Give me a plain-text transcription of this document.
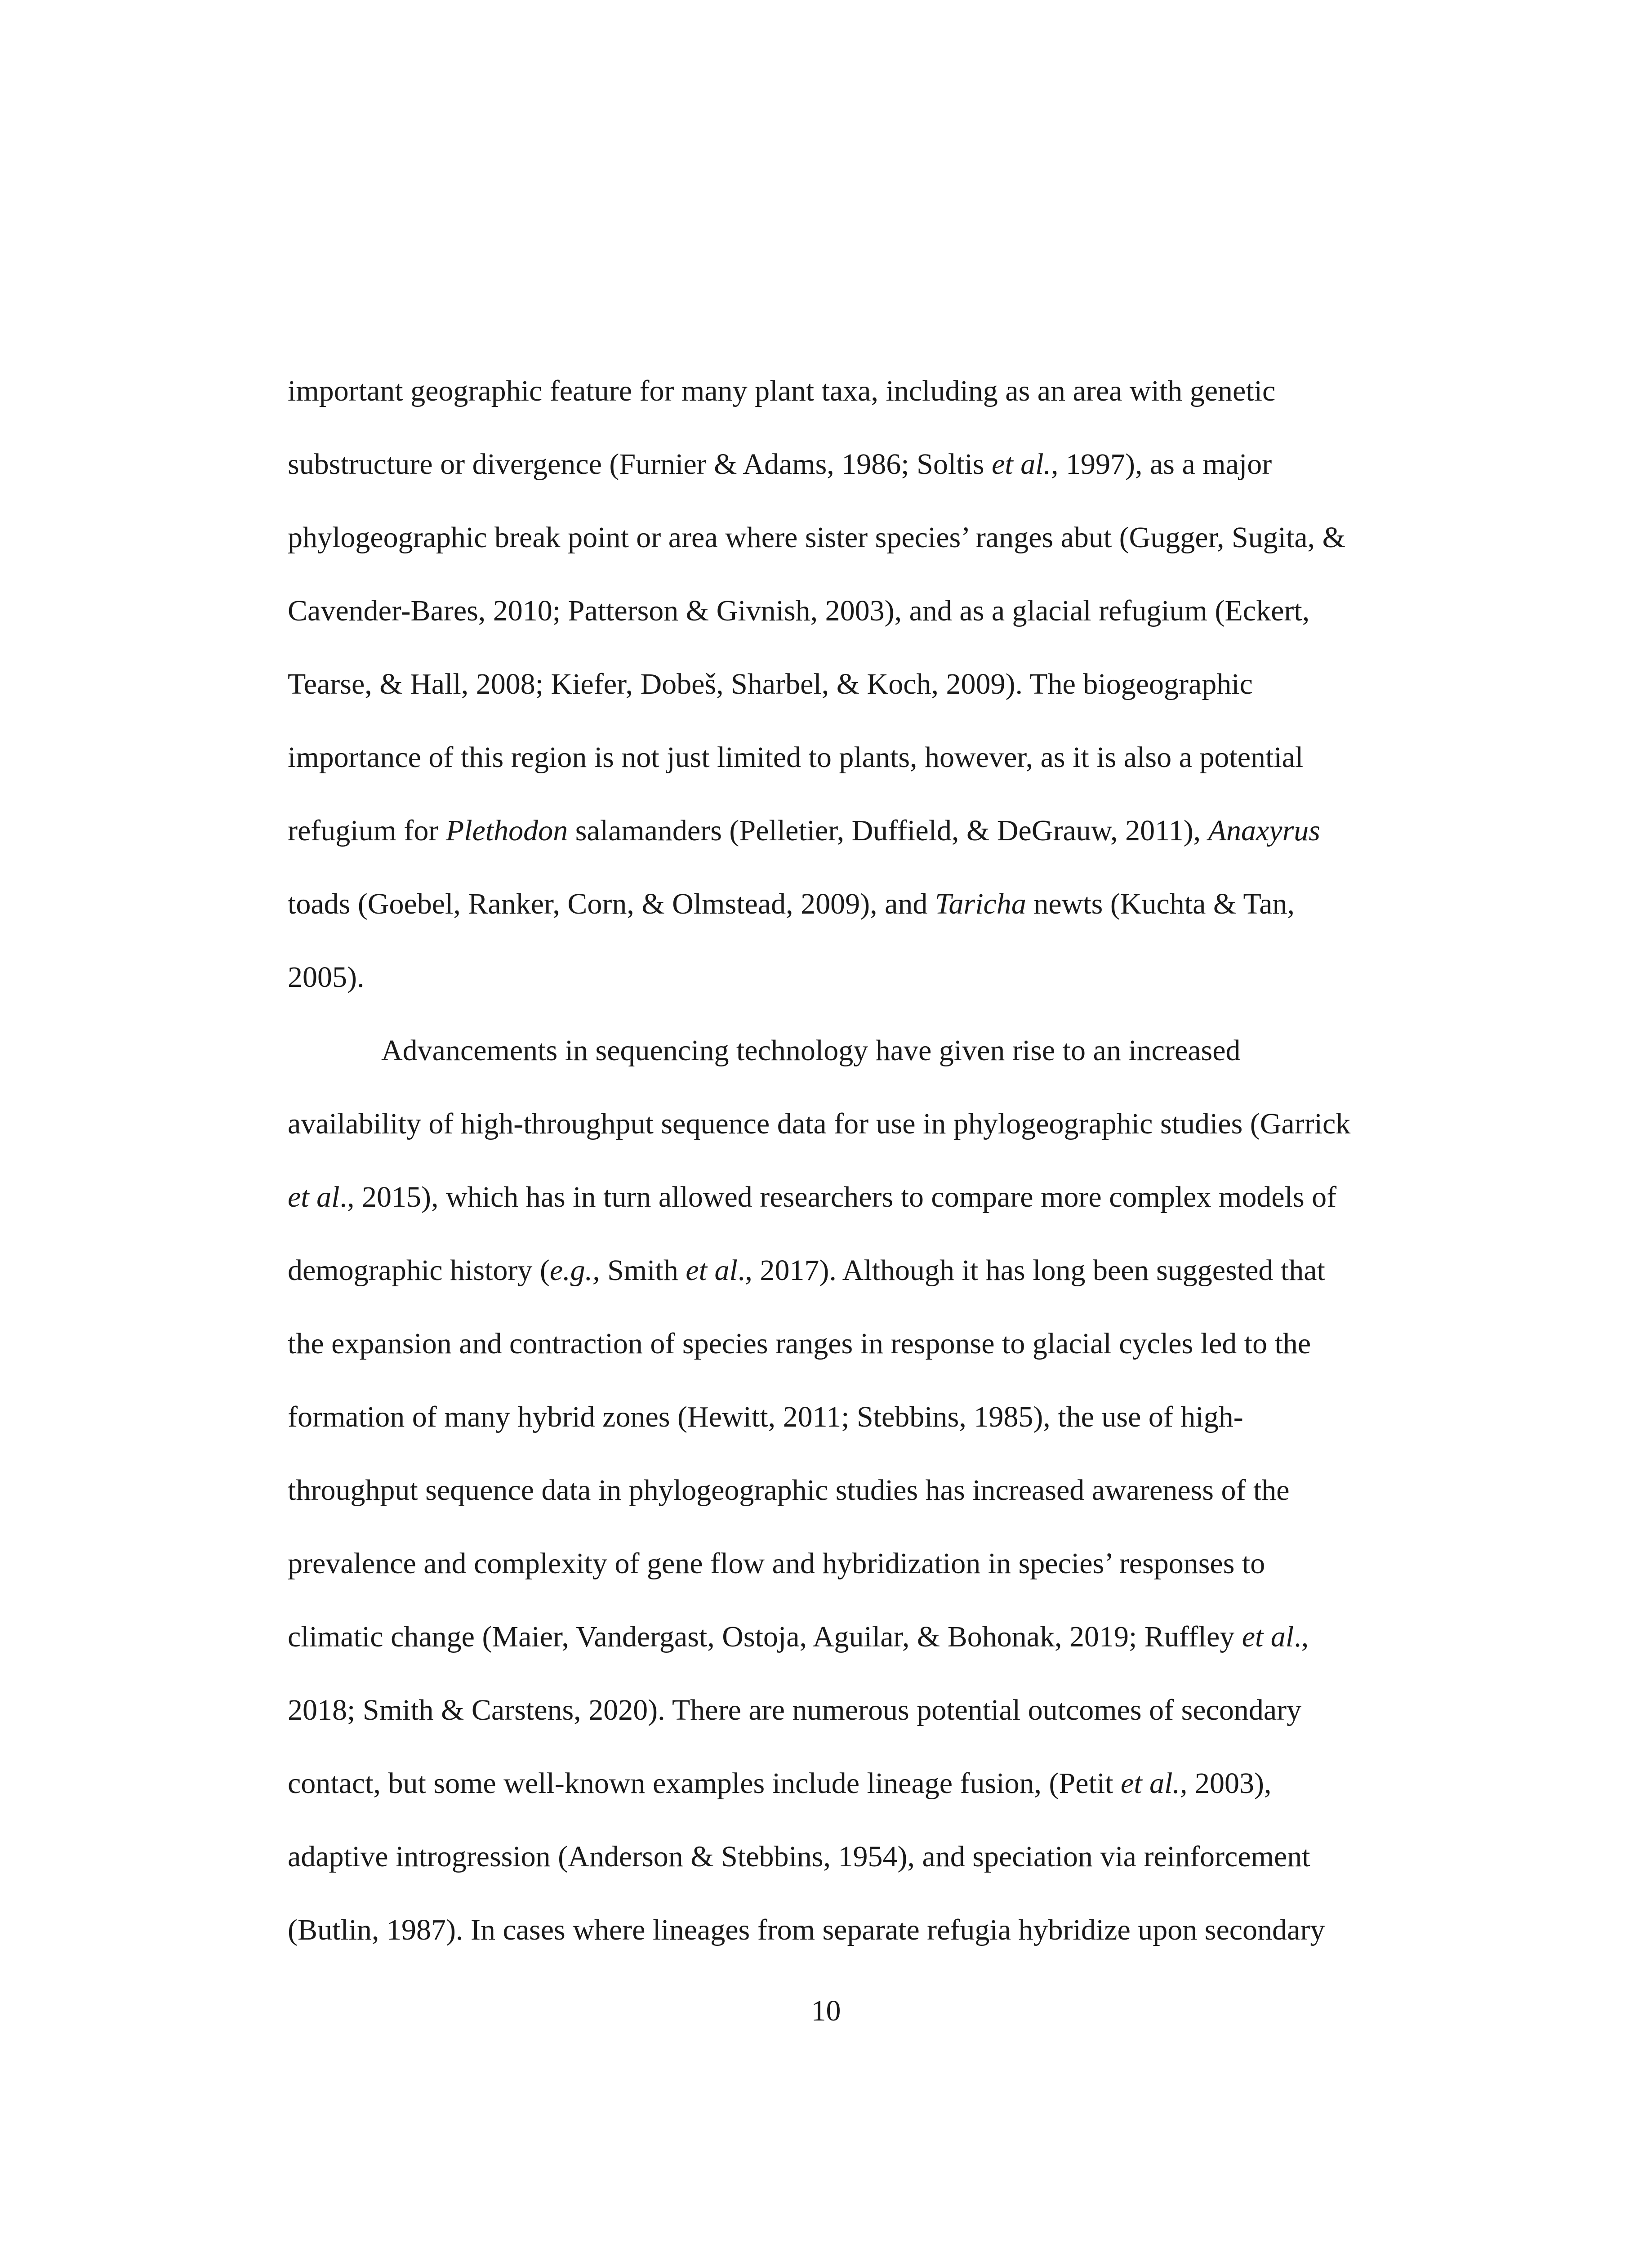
important geographic feature for many plant taxa, including as an area with genetic
substructure or divergence (Furnier & Adams, 1986; Soltis et al., 1997), as a major
phylogeographic break point or area where sister species’ ranges abut (Gugger, Sugita, &
Cavender-Bares, 2010; Patterson & Givnish, 2003), and as a glacial refugium (Eckert,
Tearse, & Hall, 2008; Kiefer, Dobeš, Sharbel, & Koch, 2009). The biogeographic
importance of this region is not just limited to plants, however, as it is also a potential
refugium for Plethodon salamanders (Pelletier, Duffield, & DeGrauw, 2011), Anaxyrus
toads (Goebel, Ranker, Corn, & Olmstead, 2009), and Taricha newts (Kuchta & Tan,
2005).
Advancements in sequencing technology have given rise to an increased
availability of high-throughput sequence data for use in phylogeographic studies (Garrick
et al., 2015), which has in turn allowed researchers to compare more complex models of
demographic history (e.g., Smith et al., 2017). Although it has long been suggested that
the expansion and contraction of species ranges in response to glacial cycles led to the
formation of many hybrid zones (Hewitt, 2011; Stebbins, 1985), the use of high-
throughput sequence data in phylogeographic studies has increased awareness of the
prevalence and complexity of gene flow and hybridization in species’ responses to
climatic change (Maier, Vandergast, Ostoja, Aguilar, & Bohonak, 2019; Ruffley et al.,
2018; Smith & Carstens, 2020). There are numerous potential outcomes of secondary
contact, but some well-known examples include lineage fusion, (Petit et al., 2003),
adaptive introgression (Anderson & Stebbins, 1954), and speciation via reinforcement
(Butlin, 1987). In cases where lineages from separate refugia hybridize upon secondary
10
